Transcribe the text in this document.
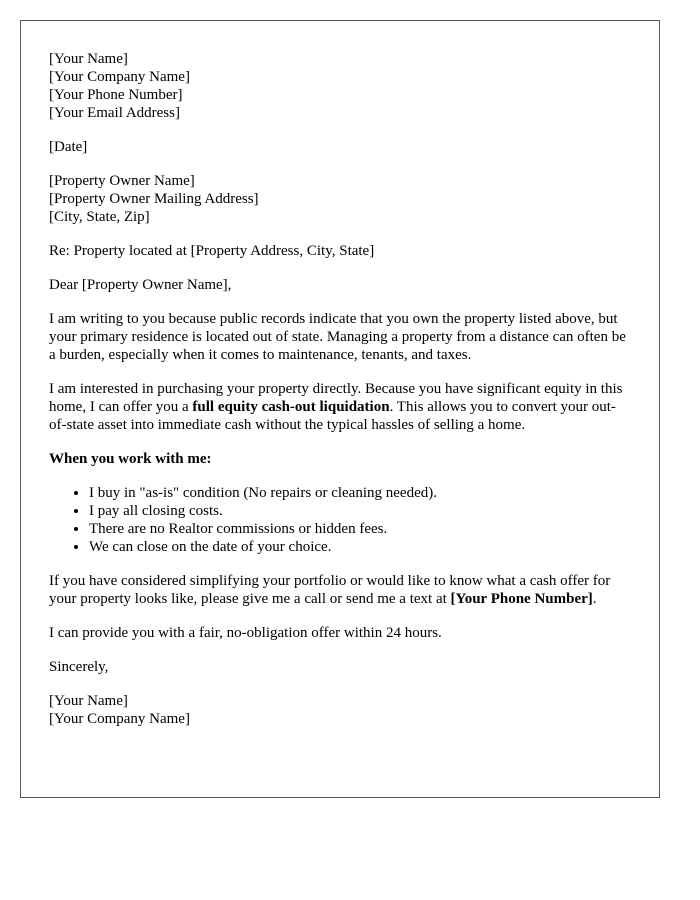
[Your Name]
[Your Company Name]
[Your Phone Number]
[Your Email Address]
[Date]
[Property Owner Name]
[Property Owner Mailing Address]
[City, State, Zip]

Re: Property located at [Property Address, City, State]

Dear [Property Owner Name],

I am writing to you because public records indicate that you own the property listed above, but your primary residence is located out of state. Managing a property from a distance can often be a burden, especially when it comes to maintenance, tenants, and taxes.

I am interested in purchasing your property directly. Because you have significant equity in this home, I can offer you a full equity cash-out liquidation. This allows you to convert your out-of-state asset into immediate cash without the typical hassles of selling a home.

When you work with me:

• I buy in "as-is" condition (No repairs or cleaning needed).
• I pay all closing costs.
• There are no Realtor commissions or hidden fees.
• We can close on the date of your choice.

If you have considered simplifying your portfolio or would like to know what a cash offer for your property looks like, please give me a call or send me a text at [Your Phone Number].

I can provide you with a fair, no-obligation offer within 24 hours.

Sincerely,

[Your Name]
[Your Company Name]
